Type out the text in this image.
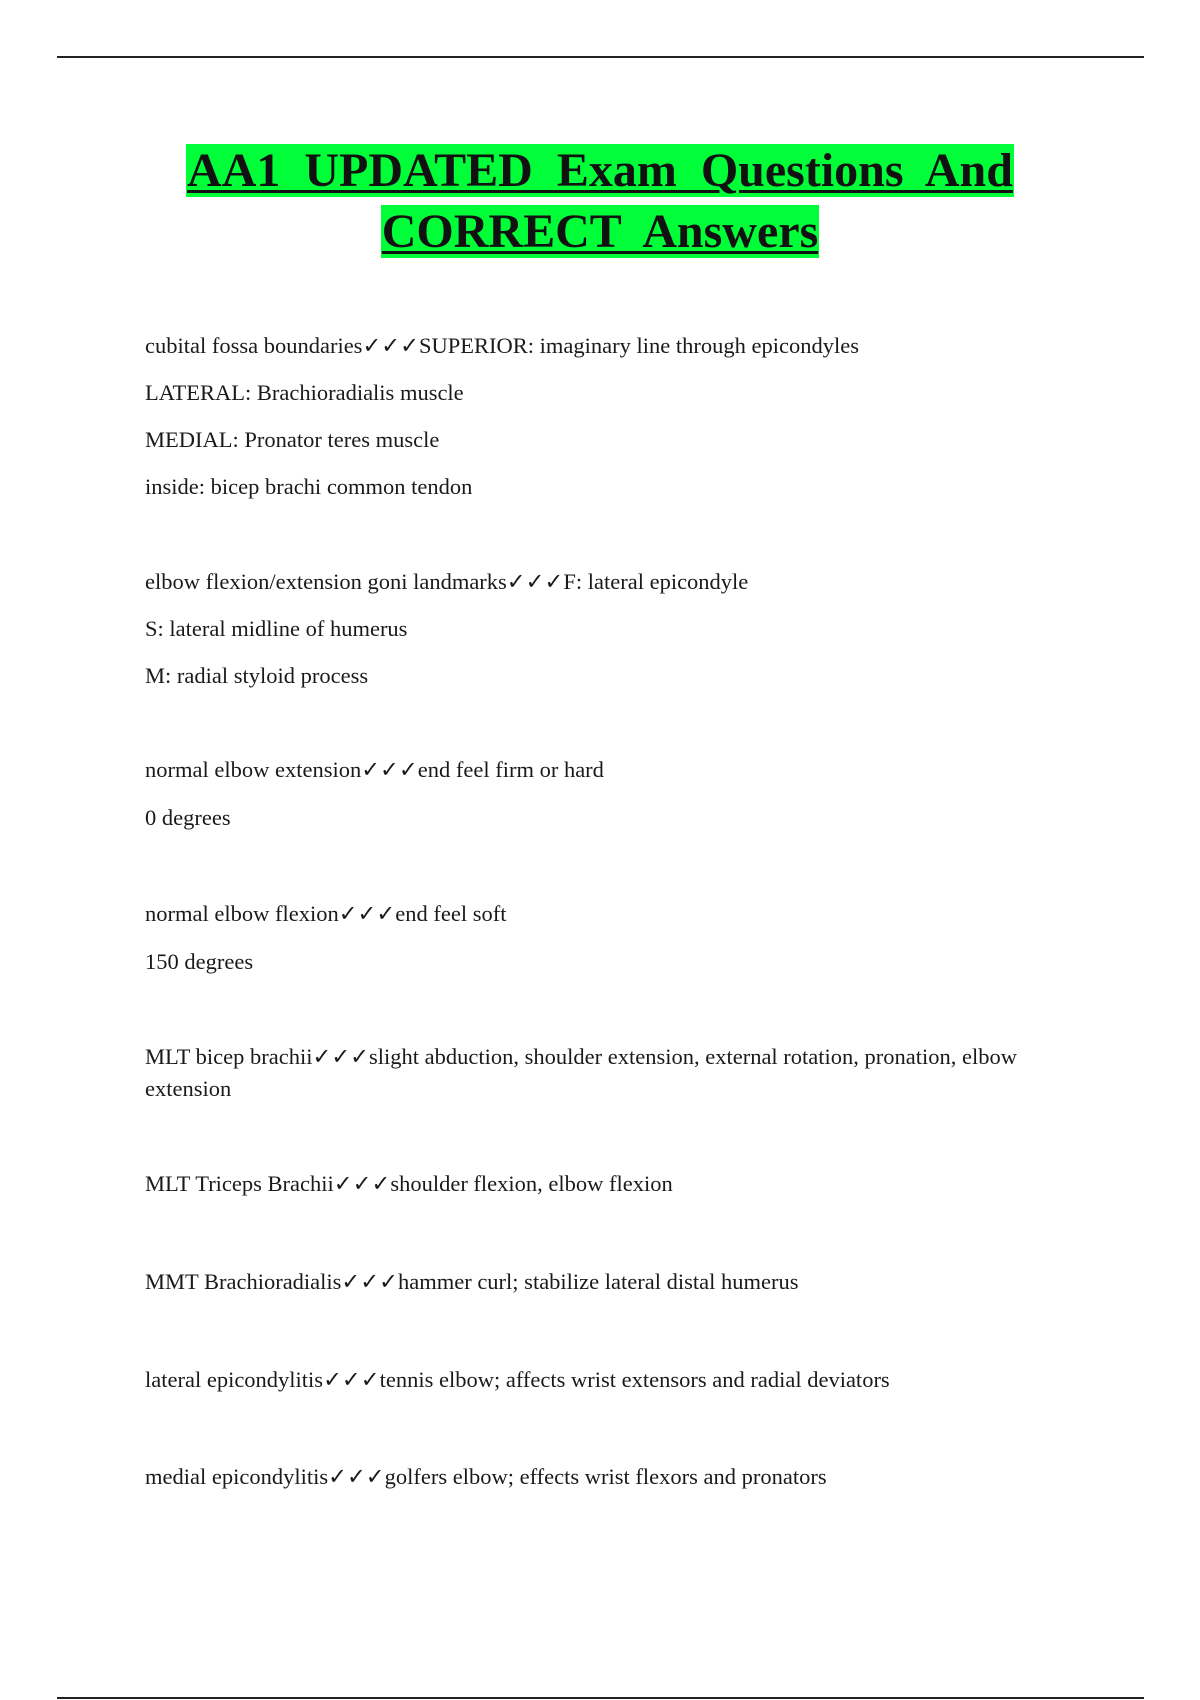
AA1 UPDATED Exam Questions And
CORRECT Answers

cubital fossa boundaries✓✓✓SUPERIOR: imaginary line through epicondyles

LATERAL: Brachioradialis muscle

MEDIAL: Pronator teres muscle

inside: bicep brachi common tendon

elbow flexion/extension goni landmarks✓✓✓F: lateral epicondyle

S: lateral midline of humerus

M: radial styloid process

normal elbow extension✓✓✓end feel firm or hard

0 degrees

normal elbow flexion✓✓✓end feel soft

150 degrees

MLT bicep brachii✓✓✓slight abduction, shoulder extension, external rotation, pronation, elbow extension

MLT Triceps Brachii✓✓✓shoulder flexion, elbow flexion

MMT Brachioradialis✓✓✓hammer curl; stabilize lateral distal humerus

lateral epicondylitis✓✓✓tennis elbow; affects wrist extensors and radial deviators

medial epicondylitis✓✓✓golfers elbow; effects wrist flexors and pronators
